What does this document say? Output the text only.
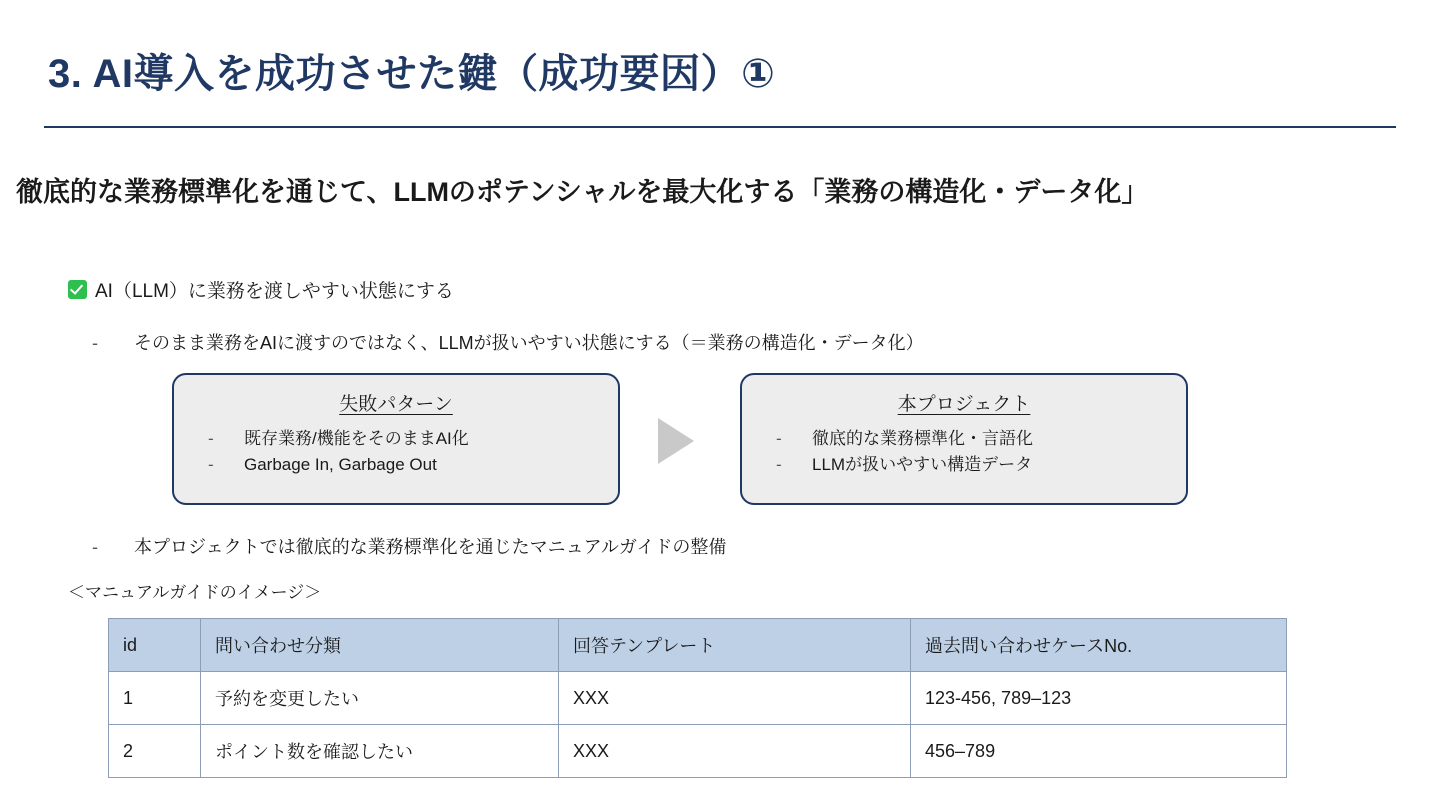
3. AI導入を成功させた鍵（成功要因）①
徹底的な業務標準化を通じて、LLMのポテンシャルを最大化する「業務の構造化・データ化」
AI（LLM）に業務を渡しやすい状態にする
- そのまま業務をAIに渡すのではなく、LLMが扱いやすい状態にする（＝業務の構造化・データ化）
失敗パターン
- 既存業務/機能をそのままAI化
- Garbage In, Garbage Out
本プロジェクト
- 徹底的な業務標準化・言語化
- LLMが扱いやすい構造データ
- 本プロジェクトでは徹底的な業務標準化を通じたマニュアルガイドの整備
＜マニュアルガイドのイメージ＞
id	問い合わせ分類	回答テンプレート	過去問い合わせケースNo.
1	予約を変更したい	XXX	123-456, 789–123
2	ポイント数を確認したい	XXX	456–789
